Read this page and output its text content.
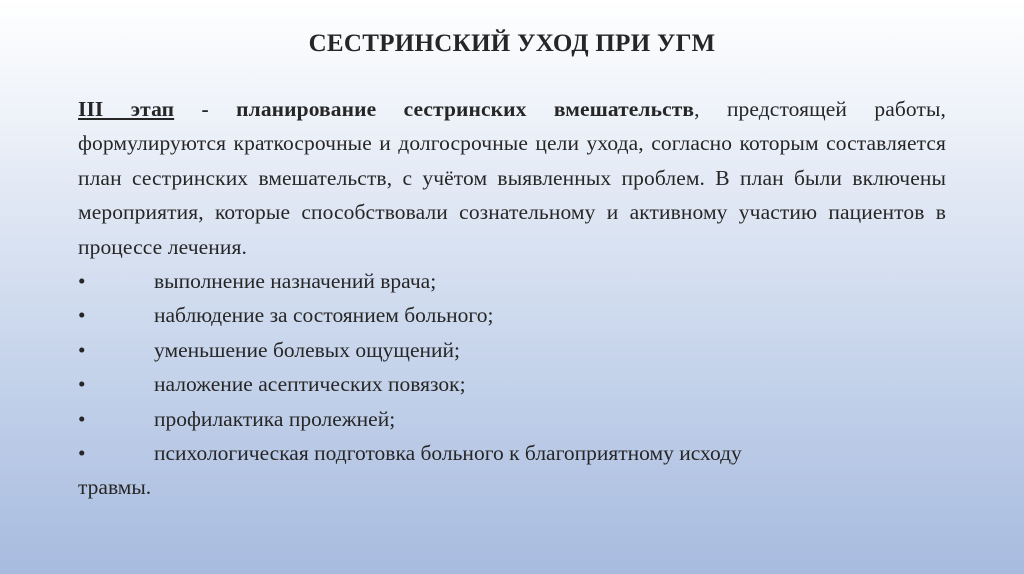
СЕСТРИНСКИЙ УХОД ПРИ УГМ

III этап - планирование сестринских вмешательств, предстоящей работы, формулируются краткосрочные и долгосрочные цели ухода, согласно которым составляется план сестринских вмешательств, с учётом выявленных проблем. В план были включены мероприятия, которые способствовали сознательному и активному участию пациентов в процессе лечения.

•	выполнение назначений врача;
•	наблюдение за состоянием больного;
•	уменьшение болевых ощущений;
•	наложение асептических повязок;
•	профилактика пролежней;
•	психологическая подготовка больного к благоприятному исходу
травмы.
